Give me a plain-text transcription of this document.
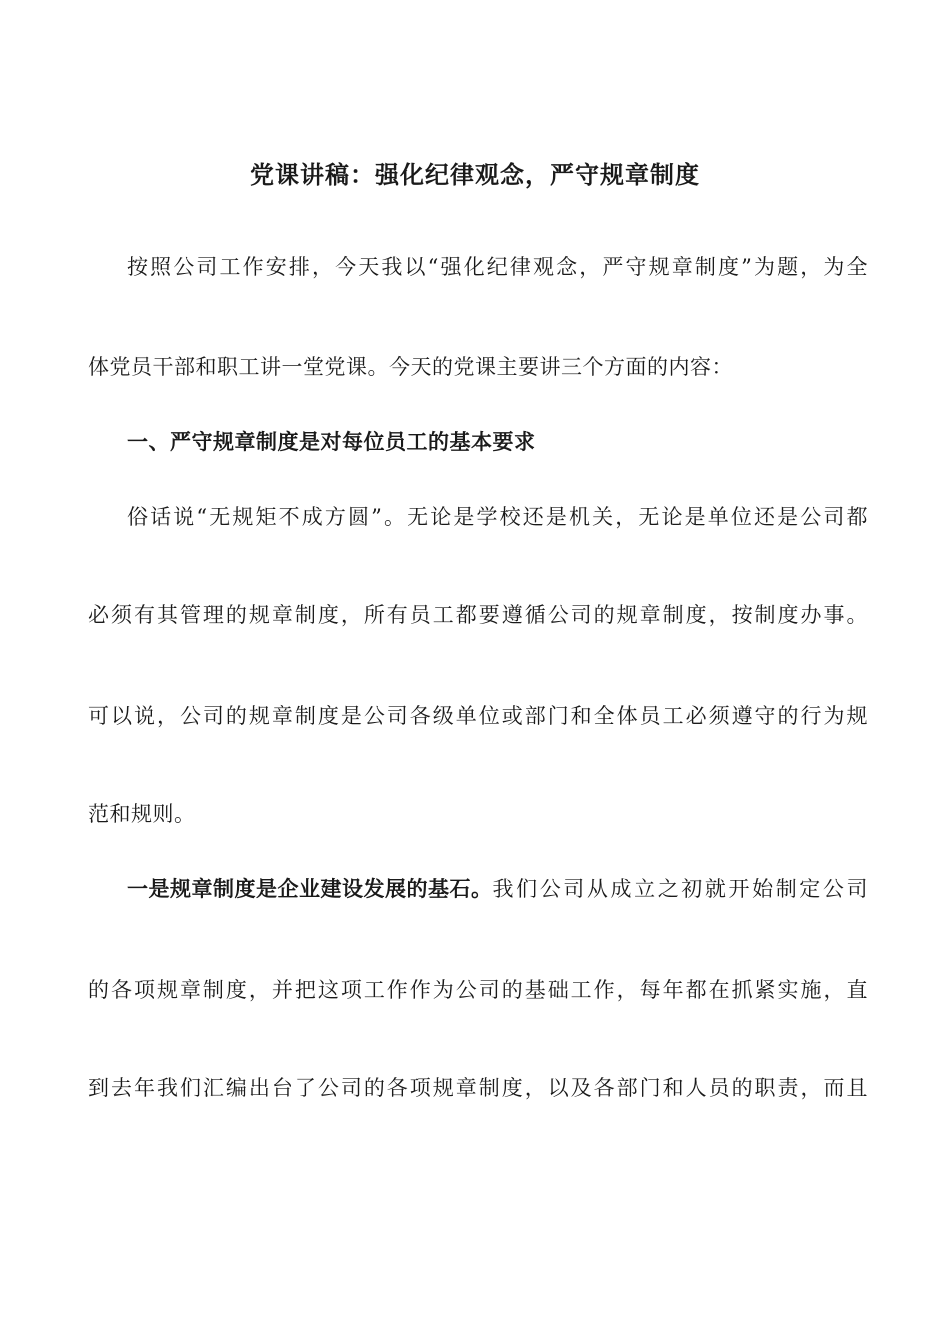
党课讲稿：强化纪律观念，严守规章制度
按照公司工作安排，今天我以“强化纪律观念，严守规章制度”为题，为全
体党员干部和职工讲一堂党课。今天的党课主要讲三个方面的内容：
一、严守规章制度是对每位员工的基本要求
俗话说“无规矩不成方圆”。无论是学校还是机关，无论是单位还是公司都
必须有其管理的规章制度，所有员工都要遵循公司的规章制度，按制度办事。
可以说，公司的规章制度是公司各级单位或部门和全体员工必须遵守的行为规
范和规则。
一是规章制度是企业建设发展的基石。 我们公司从成立之初就开始制定公司
的各项规章制度，并把这项工作作为公司的基础工作，每年都在抓紧实施，直
到去年我们汇编出台了公司的各项规章制度，以及各部门和人员的职责，而且
